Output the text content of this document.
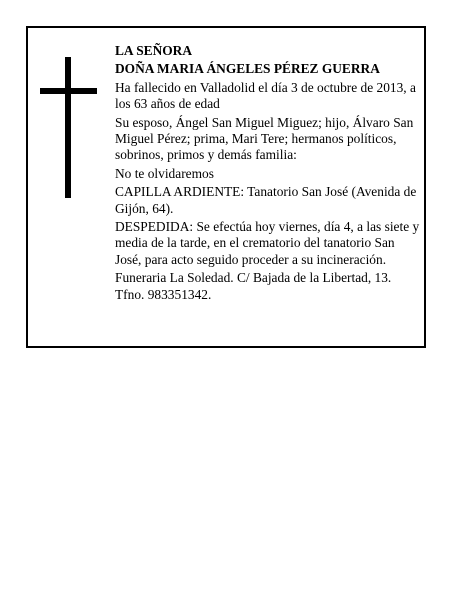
LA SEÑORA

DOÑA MARIA ÁNGELES PÉREZ GUERRA

Ha fallecido en Valladolid el día 3 de octubre de 2013, a los 63 años de edad

Su esposo, Ángel San Miguel Miguez; hijo, Álvaro San Miguel Pérez; prima, Mari Tere; hermanos políticos, sobrinos, primos y demás familia:

No te olvidaremos

CAPILLA ARDIENTE: Tanatorio San José (Avenida de Gijón, 64).

DESPEDIDA: Se efectúa hoy viernes, día 4, a las siete y media de la tarde, en el crematorio del tanatorio San José, para acto seguido proceder a su incineración.

Funeraria La Soledad. C/ Bajada de la Libertad, 13. Tfno. 983351342.
